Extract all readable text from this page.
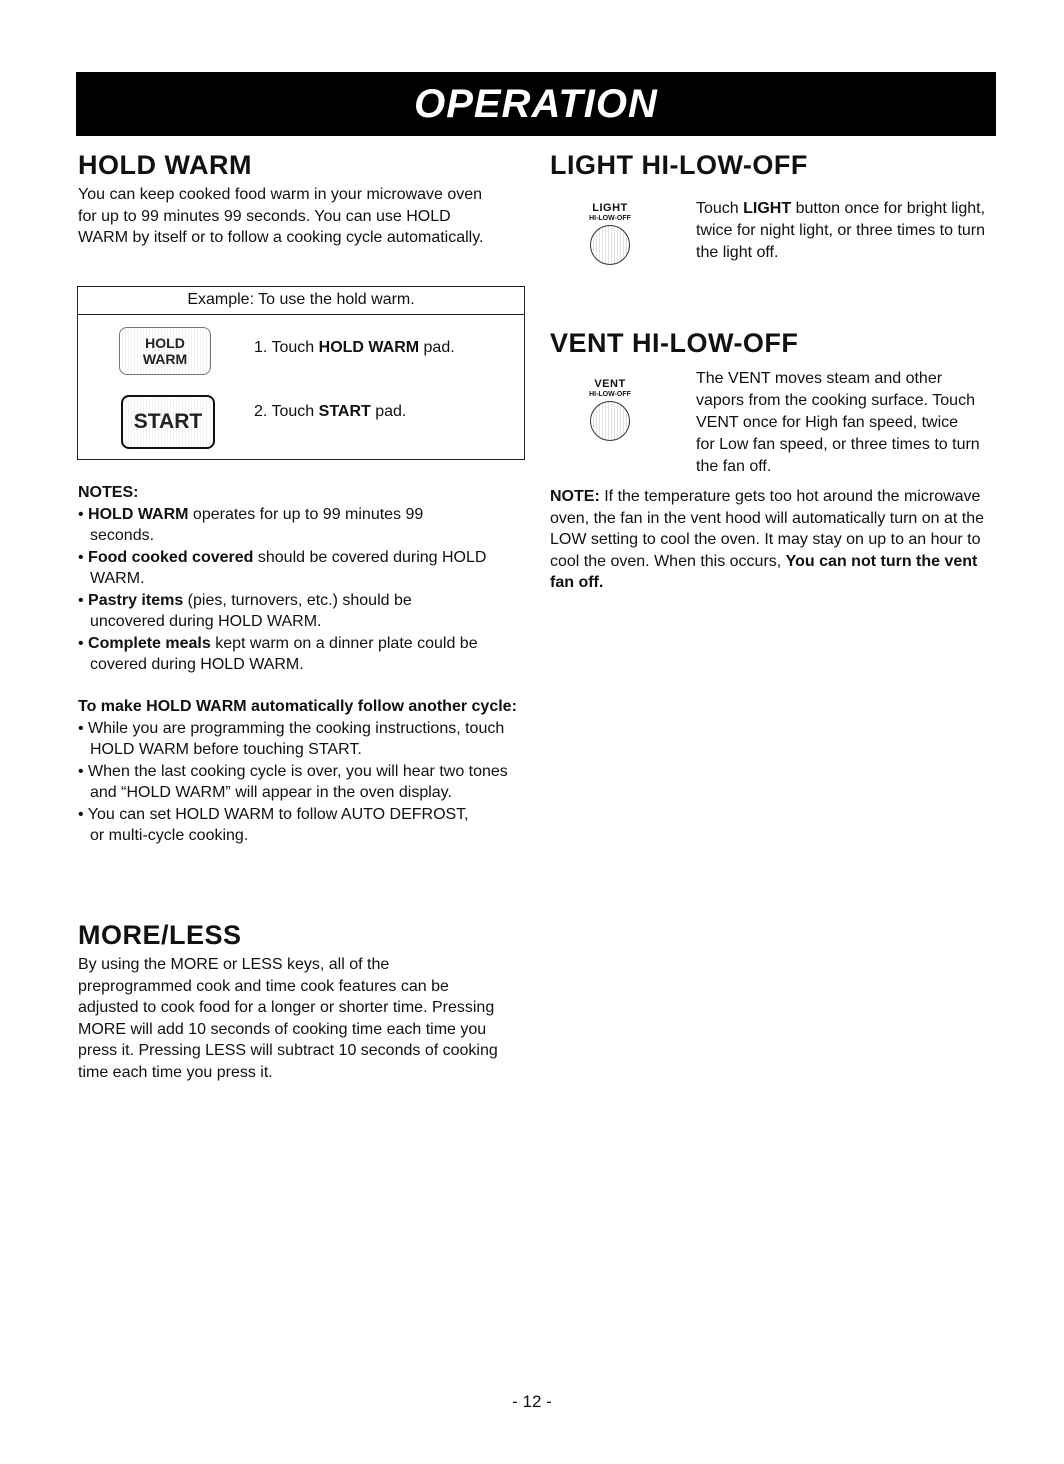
OPERATION
HOLD WARM

You can keep cooked food warm in your microwave oven for up to 99 minutes 99 seconds. You can use HOLD WARM by itself or to follow a cooking cycle automatically.

Example: To use the hold warm.
HOLD
WARM
1. Touch HOLD WARM pad.
START	2. Touch START pad.

NOTES:

• HOLD WARM operates for up to 99 minutes 99 seconds.
• Food cooked covered should be covered during HOLD WARM.
• Pastry items (pies, turnovers, etc.) should be uncovered during HOLD WARM.
• Complete meals kept warm on a dinner plate could be covered during HOLD WARM.

To make HOLD WARM automatically follow another cycle:

• While you are programming the cooking instructions, touch HOLD WARM before touching START.
• When the last cooking cycle is over, you will hear two tones and “HOLD WARM” will appear in the oven display.
• You can set HOLD WARM to follow AUTO DEFROST, or multi-cycle cooking.
MORE/LESS

By using the MORE or LESS keys, all of the preprogrammed cook and time cook features can be adjusted to cook food for a longer or shorter time. Pressing MORE will add 10 seconds of cooking time each time you press it. Pressing LESS will subtract 10 seconds of cooking time each time you press it.

LIGHT HI-LOW-OFF
LIGHT
HI-LOW-OFF
Touch LIGHT button once for bright light, twice for night light, or three times to turn the light off.
VENT HI-LOW-OFF
VENT
HI-LOW-OFF
The VENT moves steam and other vapors from the cooking surface. Touch VENT once for High fan speed, twice for Low fan speed, or three times to turn the fan off.
NOTE: If the temperature gets too hot around the microwave oven, the fan in the vent hood will automatically turn on at the LOW setting to cool the oven. It may stay on up to an hour to cool the oven. When this occurs, You can not turn the vent fan off.
- 12 -
